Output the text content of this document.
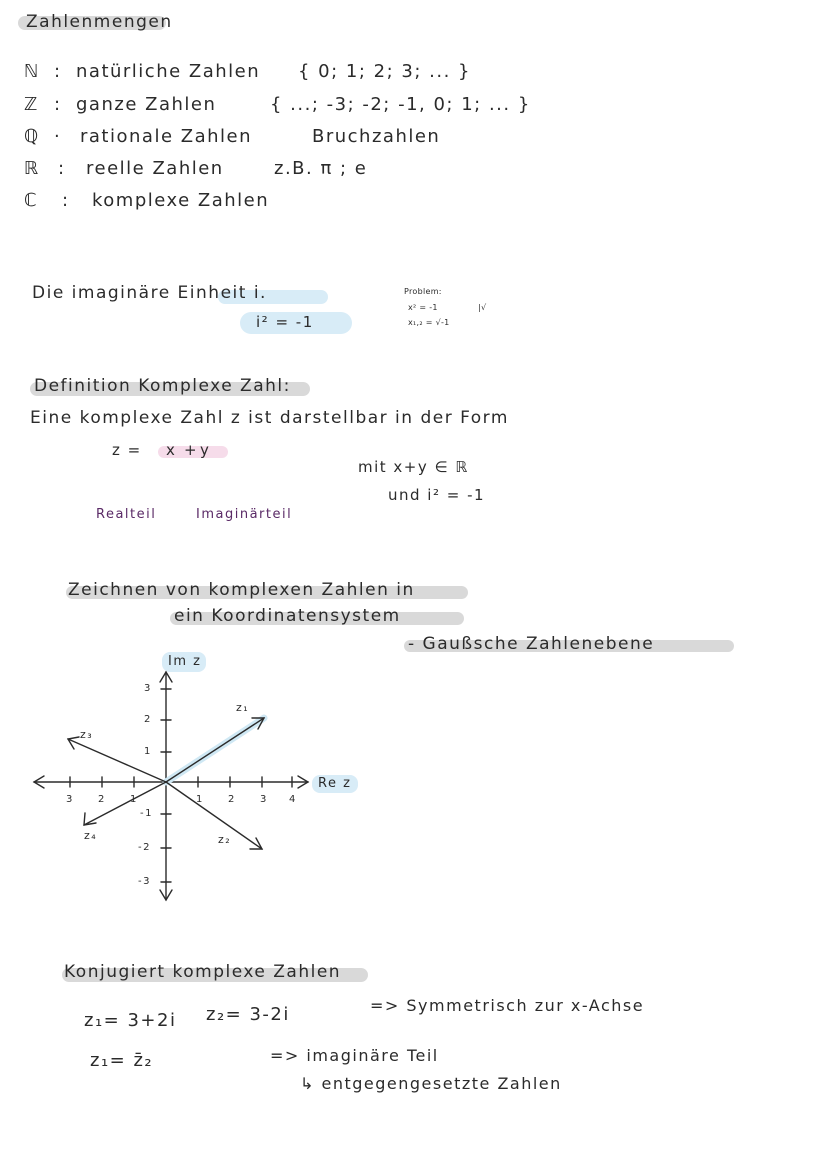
Zahlenmengen
ℕ : natürliche Zahlen { 0; 1; 2; 3; ... }
ℤ : ganze Zahlen	{ ...; -3; -2; -1, 0; 1; ... }
ℚ · rationale Zahlen	Bruchzahlen
ℝ : reelle Zahlen	z.B. π ; e
ℂ : komplexe Zahlen
Die imaginäre Einheit i.
i² = -1
Problem:
x² = -1	|√
x₁,₂ = √-1
Definition Komplexe Zahl:
Eine komplexe Zahl z ist darstellbar in der Form
z = x + y
mit x+y ∈ ℝ
und i² = -1
Realteil	Imaginärteil
Zeichnen von komplexen Zahlen in
ein Koordinatensystem
- Gaußsche Zahlenebene
Im z
Re z
3 2 1	1 2 3 4
3
2
1
-1
-2
-3
z₁
z₂
z₃
z₄
Konjugiert komplexe Zahlen
z₁= 3+2i z₂= 3-2i	=> Symmetrisch zur x-Achse
z₁= z̄₂	=> imaginäre Teil
↳ entgegengesetzte Zahlen
